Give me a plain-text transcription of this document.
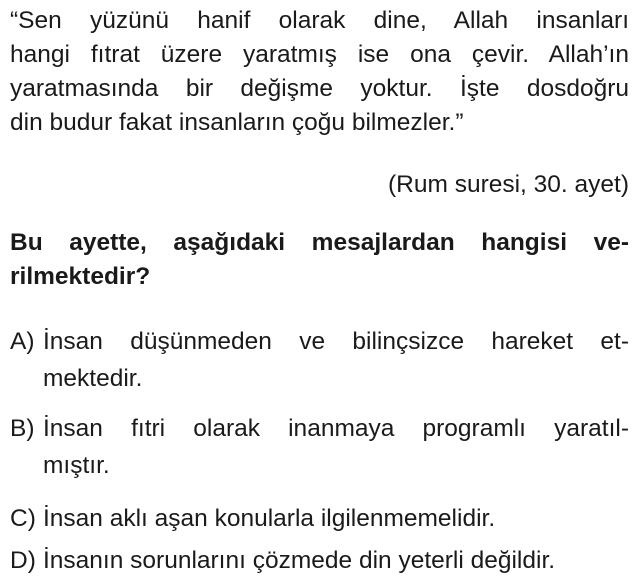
“Sen yüzünü hanif olarak dine, Allah insanları
hangi fıtrat üzere yaratmış ise ona çevir. Allah’ın
yaratmasında bir değişme yoktur. İşte dosdoğru
din budur fakat insanların çoğu bilmezler.”
(Rum suresi, 30. ayet)
Bu ayette, aşağıdaki mesajlardan hangisi ve-
rilmektedir?
A) İnsan düşünmeden ve bilinçsizce hareket et-
mektedir.
B) İnsan fıtri olarak inanmaya programlı yaratıl-
mıştır.
C) İnsan aklı aşan konularla ilgilenmemelidir.
D) İnsanın sorunlarını çözmede din yeterli değildir.
